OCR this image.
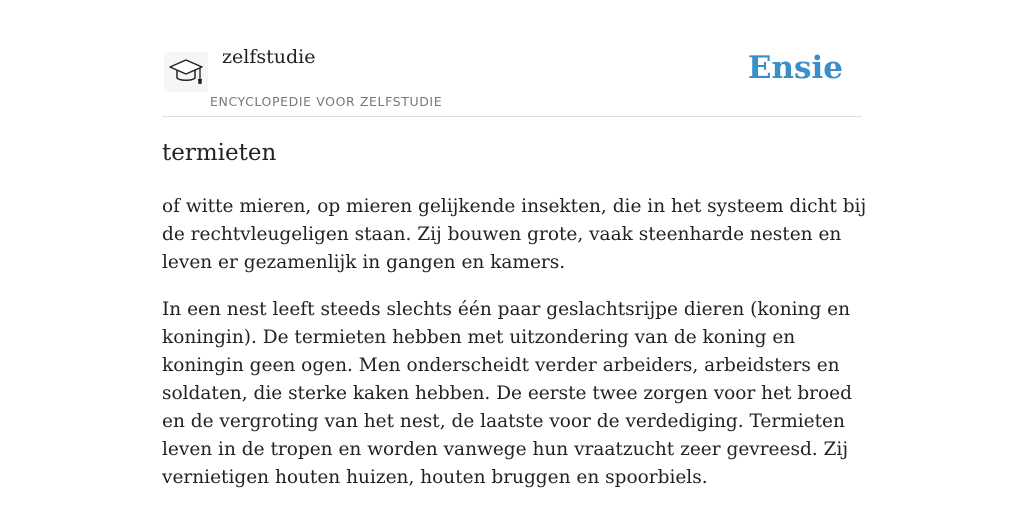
zelfstudie
ENCYCLOPEDIE VOOR ZELFSTUDIE
Ensie
termieten

of witte mieren, op mieren gelijkende insekten, die in het systeem dicht bij de rechtvleugeligen staan. Zij bouwen grote, vaak steenharde nesten en leven er gezamenlijk in gangen en kamers.

In een nest leeft steeds slechts één paar geslachtsrijpe dieren (koning en koningin). De termieten hebben met uitzondering van de koning en koningin geen ogen. Men onderscheidt verder arbeiders, arbeidsters en soldaten, die sterke kaken hebben. De eerste twee zorgen voor het broed en de vergroting van het nest, de laatste voor de verdediging. Termieten leven in de tropen en worden vanwege hun vraatzucht zeer gevreesd. Zij vernietigen houten huizen, houten bruggen en spoorbiels.
